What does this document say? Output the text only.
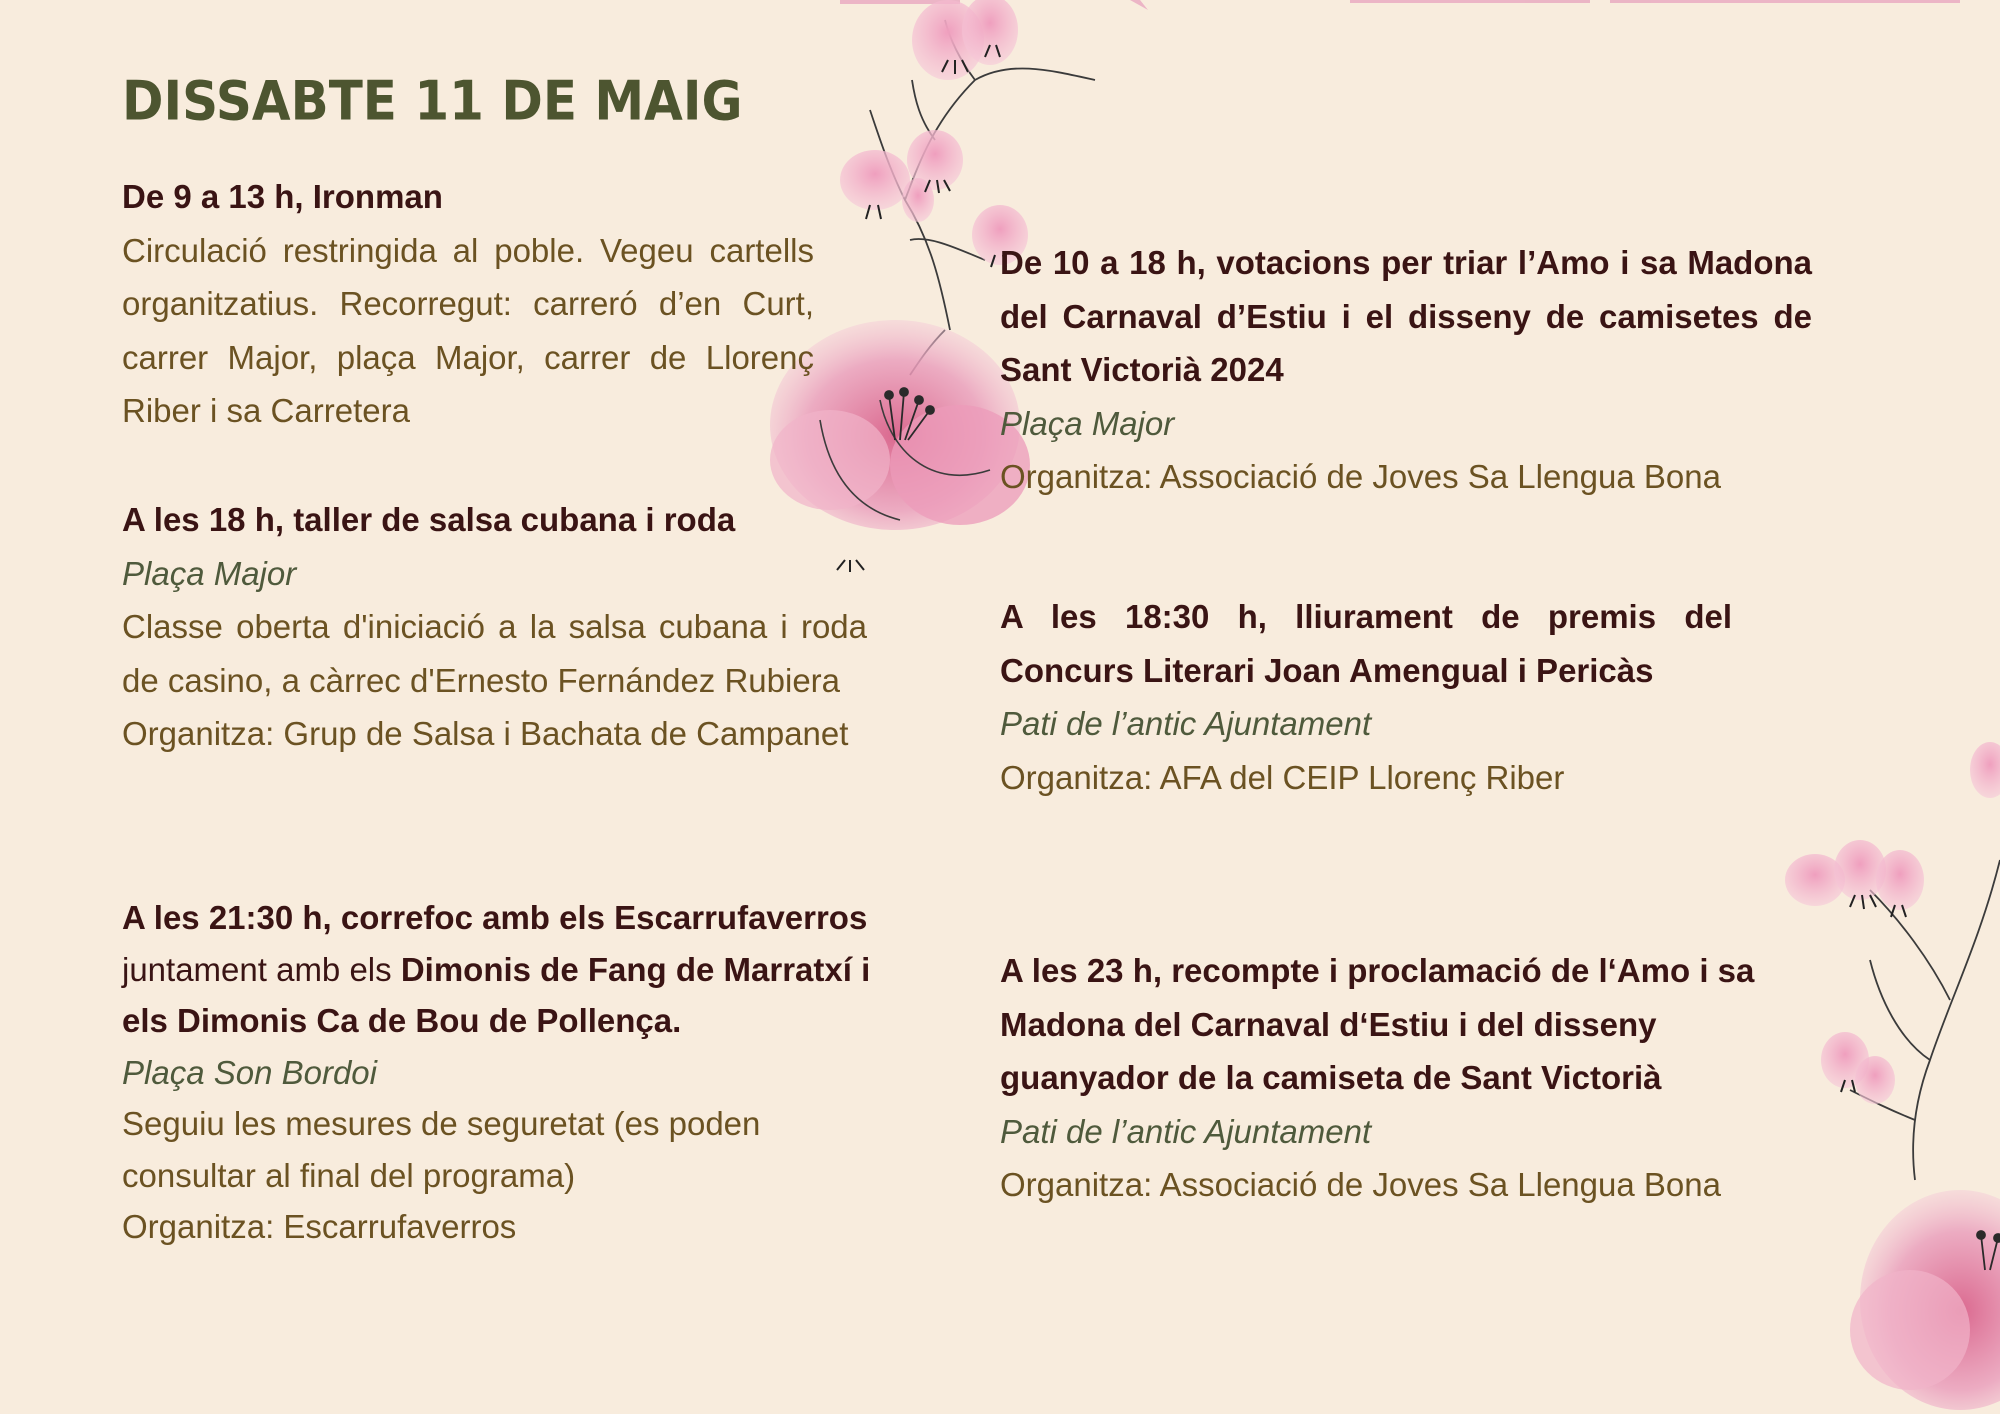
DISSABTE 11 DE MAIG

De 9 a 13 h, Ironman

Circulació restringida al poble. Vegeu cartells organitzatius. Recorregut: carreró d’en Curt, carrer Major, plaça Major, carrer de Llorenç Riber i sa Carretera

A les 18 h, taller de salsa cubana i roda

Plaça Major

Classe oberta d'iniciació a la salsa cubana i roda de casino, a càrrec d'Ernesto Fernández Rubiera

Organitza: Grup de Salsa i Bachata de Campanet

A les 21:30 h, correfoc amb els Escarrufaverros juntament amb els Dimonis de Fang de Marratxí i els Dimonis Ca de Bou de Pollença.

Plaça Son Bordoi

Seguiu les mesures de seguretat (es poden consultar al final del programa)

Organitza: Escarrufaverros

De 10 a 18 h, votacions per triar l’Amo i sa Madona del Carnaval d’Estiu i el disseny de camisetes de Sant Victorià 2024

Plaça Major

Organitza: Associació de Joves Sa Llengua Bona

A les 18:30 h, lliurament de premis del Concurs Literari Joan Amengual i Pericàs

Pati de l’antic Ajuntament

Organitza: AFA del CEIP Llorenç Riber

A les 23 h, recompte i proclamació de l‘Amo i sa Madona del Carnaval d‘Estiu i del disseny guanyador de la camiseta de Sant Victorià

Pati de l’antic Ajuntament

Organitza: Associació de Joves Sa Llengua Bona
